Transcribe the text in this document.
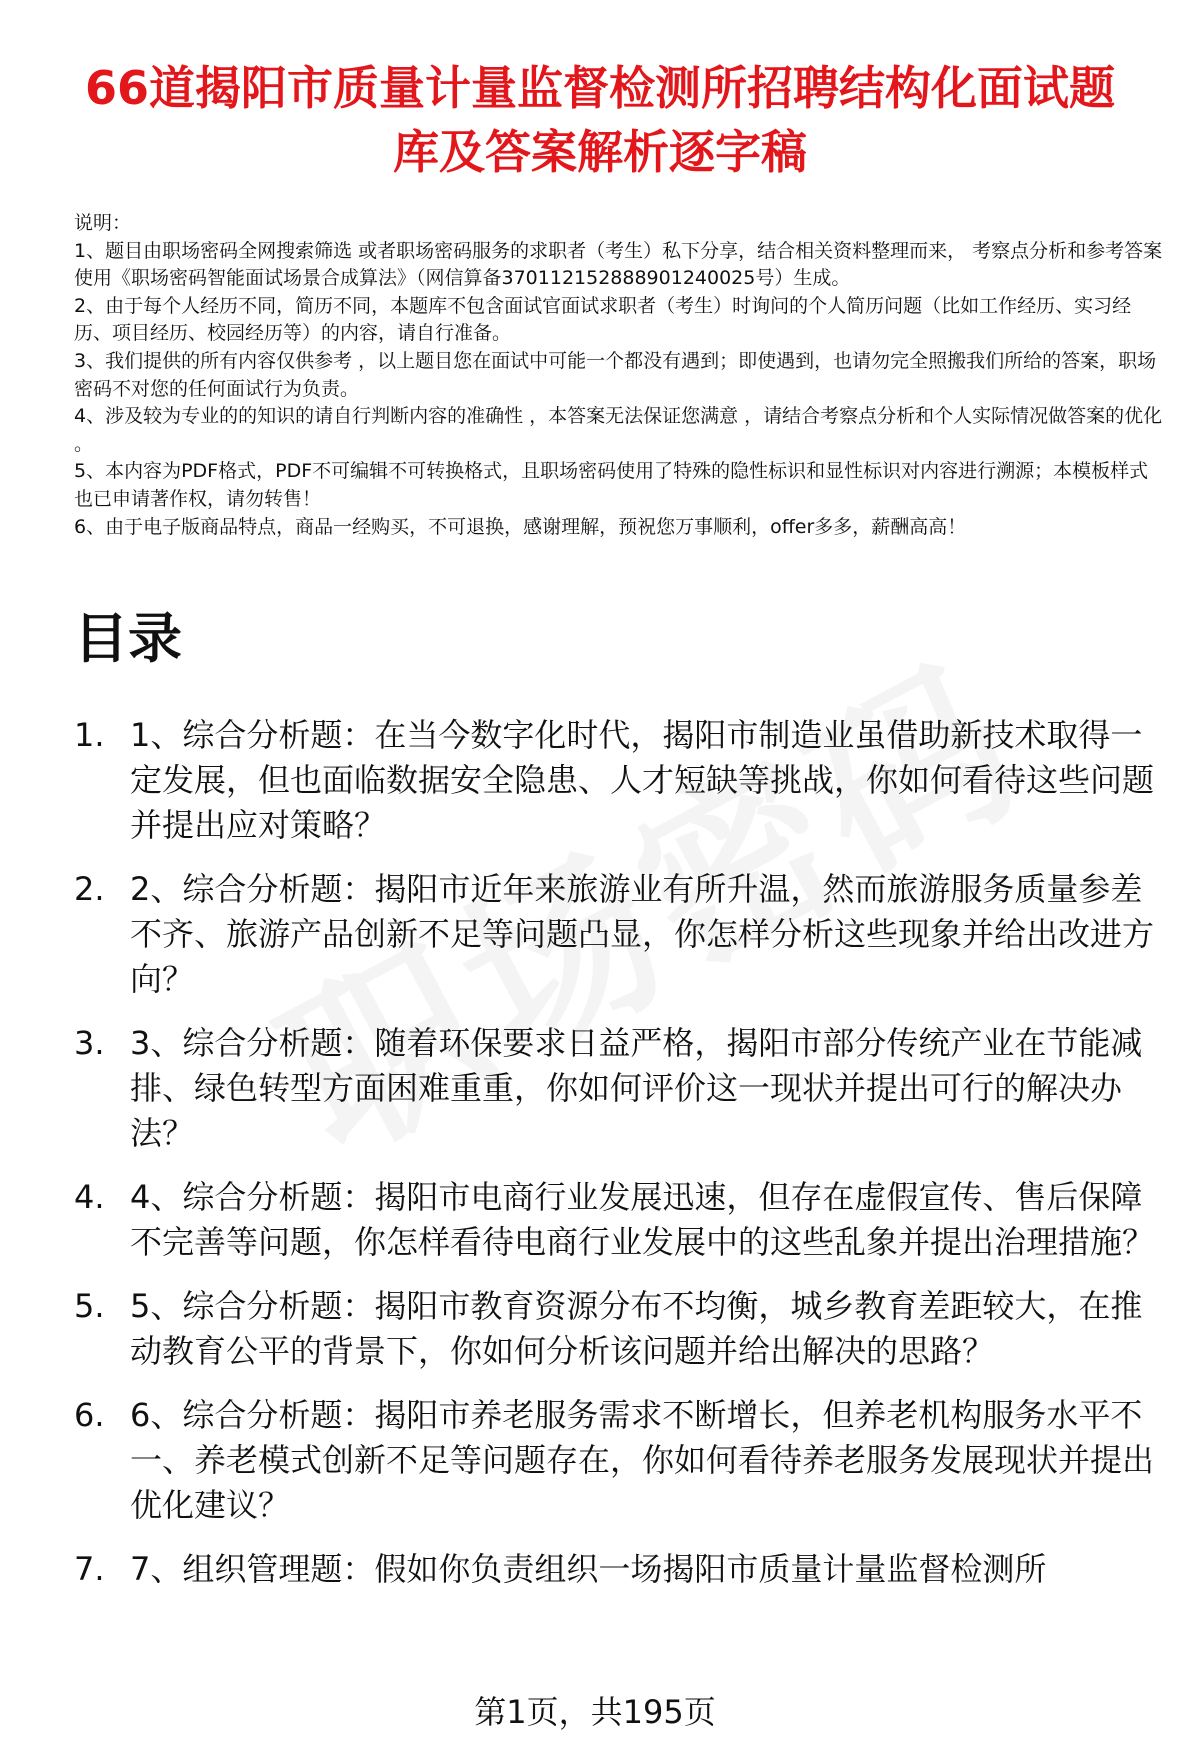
66道揭阳市质量计量监督检测所招聘结构化面试题库及答案解析逐字稿
说明：
1、题目由职场密码全网搜索筛选 或者职场密码服务的求职者（考生）私下分享，结合相关资料整理而来， 考察点分析和参考答案使用《职场密码智能面试场景合成算法》（网信算备370112152888901240025号）生成。
2、由于每个人经历不同，简历不同，本题库不包含面试官面试求职者（考生）时询问的个人简历问题（比如工作经历、实习经历、项目经历、校园经历等）的内容，请自行准备。
3、我们提供的所有内容仅供参考 ，以上题目您在面试中可能一个都没有遇到；即使遇到，也请勿完全照搬我们所给的答案，职场密码不对您的任何面试行为负责。
4、涉及较为专业的的知识的请自行判断内容的准确性 ，本答案无法保证您满意 ，请结合考察点分析和个人实际情况做答案的优化 。
5、本内容为PDF格式，PDF不可编辑不可转换格式，且职场密码使用了特殊的隐性标识和显性标识对内容进行溯源；本模板样式也已申请著作权，请勿转售！
6、由于电子版商品特点，商品一经购买，不可退换，感谢理解，预祝您万事顺利，offer多多，薪酬高高！
目录
1. 1、综合分析题：在当今数字化时代，揭阳市制造业虽借助新技术取得一定发展，但也面临数据安全隐患、人才短缺等挑战，你如何看待这些问题并提出应对策略？
2. 2、综合分析题：揭阳市近年来旅游业有所升温，然而旅游服务质量参差不齐、旅游产品创新不足等问题凸显，你怎样分析这些现象并给出改进方向？
3. 3、综合分析题：随着环保要求日益严格，揭阳市部分传统产业在节能减排、绿色转型方面困难重重，你如何评价这一现状并提出可行的解决办法？
4. 4、综合分析题：揭阳市电商行业发展迅速，但存在虚假宣传、售后保障不完善等问题，你怎样看待电商行业发展中的这些乱象并提出治理措施？
5. 5、综合分析题：揭阳市教育资源分布不均衡，城乡教育差距较大，在推动教育公平的背景下，你如何分析该问题并给出解决的思路？
6. 6、综合分析题：揭阳市养老服务需求不断增长，但养老机构服务水平不一、养老模式创新不足等问题存在，你如何看待养老服务发展现状并提出优化建议？
7. 7、组织管理题：假如你负责组织一场揭阳市质量计量监督检测所
第1页，共195页
